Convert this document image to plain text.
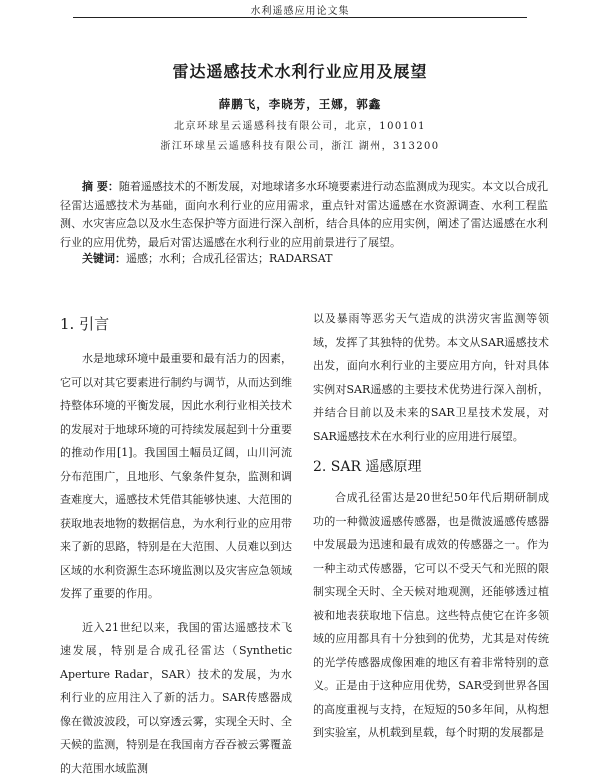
水利遥感应用论文集
雷达遥感技术水利行业应用及展望
薛鹏飞，李晓芳，王娜，郭鑫
北京环球星云遥感科技有限公司，北京，100101
浙江环球星云遥感科技有限公司，浙江 湖州，313200
摘 要：随着遥感技术的不断发展，对地球诸多水环境要素进行动态监测成为现实。本文以合成孔径雷达遥感技术为基础，面向水利行业的应用需求，重点针对雷达遥感在水资源调查、水利工程监测、水灾害应急以及水生态保护等方面进行深入剖析，结合具体的应用实例，阐述了雷达遥感在水利行业的应用优势，最后对雷达遥感在水利行业的应用前景进行了展望。
关键词：遥感；水利；合成孔径雷达；RADARSAT
1. 引言

水是地球环境中最重要和最有活力的因素，它可以对其它要素进行制约与调节，从而达到维持整体环境的平衡发展，因此水利行业相关技术的发展对于地球环境的可持续发展起到十分重要的推动作用[1]。我国国土幅员辽阔，山川河流分布范围广，且地形、气象条件复杂，监测和调查难度大，遥感技术凭借其能够快速、大范围的获取地表地物的数据信息，为水利行业的应用带来了新的思路，特别是在大范围、人员难以到达区域的水利资源生态环境监测以及灾害应急领域发挥了重要的作用。

近入21世纪以来，我国的雷达遥感技术飞速发展，特别是合成孔径雷达（Synthetic Aperture Radar，SAR）技术的发展，为水利行业的应用注入了新的活力。SAR传感器成像在微波波段，可以穿透云雾，实现全天时、全天候的监测，特别是在我国南方吞吞被云雾覆盖的大范围水域监测

以及暴雨等恶劣天气造成的洪涝灾害监测等领域，发挥了其独特的优势。本文从SAR遥感技术出发，面向水利行业的主要应用方向，针对具体实例对SAR遥感的主要技术优势进行深入剖析，并结合目前以及未来的SAR卫星技术发展，对SAR遥感技术在水利行业的应用进行展望。

2. SAR 遥感原理

合成孔径雷达是20世纪50年代后期研制成功的一种微波遥感传感器，也是微波遥感传感器中发展最为迅速和最有成效的传感器之一。作为一种主动式传感器，它可以不受天气和光照的限制实现全天时、全天候对地观测，还能够透过植被和地表获取地下信息。这些特点使它在许多领域的应用都具有十分独到的优势，尤其是对传统的光学传感器成像困难的地区有着非常特别的意义。正是由于这种应用优势，SAR受到世界各国的高度重视与支持，在短短的50多年间，从构想到实验室，从机载到星载，每个时期的发展都是
